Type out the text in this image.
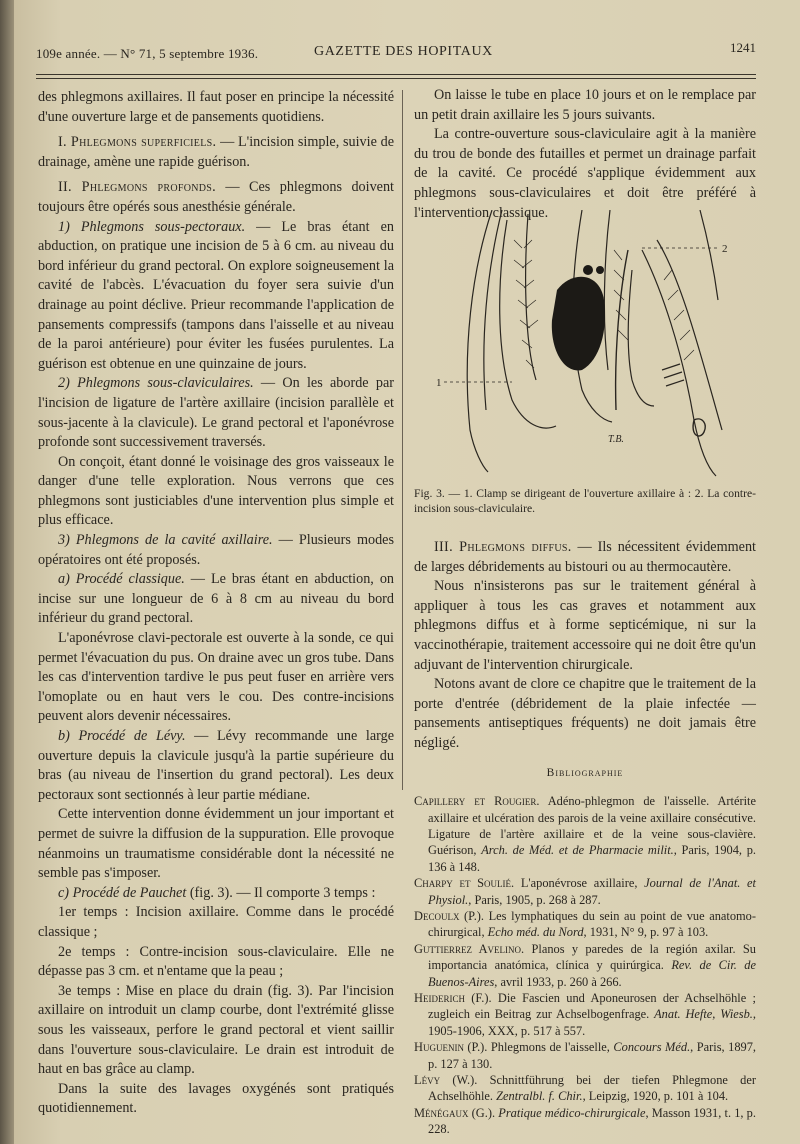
109e année. — N° 71, 5 septembre 1936.	GAZETTE DES HOPITAUX	1241

des phlegmons axillaires. Il faut poser en principe la nécessité d'une ouverture large et de pansements quotidiens.

I. Phlegmons superficiels. — L'incision simple, suivie de drainage, amène une rapide guérison.

II. Phlegmons profonds. — Ces phlegmons doivent toujours être opérés sous anesthésie générale.

1) Phlegmons sous-pectoraux. — Le bras étant en abduction, on pratique une incision de 5 à 6 cm. au niveau du bord inférieur du grand pectoral. On explore soigneusement la cavité de l'abcès. L'évacuation du foyer sera suivie d'un drainage au point déclive. Prieur recommande l'application de pansements compressifs (tampons dans l'aisselle et au niveau de la paroi antérieure) pour éviter les fusées purulentes. La guérison est obtenue en une quinzaine de jours.

2) Phlegmons sous-claviculaires. — On les aborde par l'incision de ligature de l'artère axillaire (incision parallèle et sous-jacente à la clavicule). Le grand pectoral et l'aponévrose profonde sont successivement traversés.

On conçoit, étant donné le voisinage des gros vaisseaux le danger d'une telle exploration. Nous verrons que ces phlegmons sont justiciables d'une intervention plus simple et plus efficace.

3) Phlegmons de la cavité axillaire. — Plusieurs modes opératoires ont été proposés.

a) Procédé classique. — Le bras étant en abduction, on incise sur une longueur de 6 à 8 cm au niveau du bord inférieur du grand pectoral.

L'aponévrose clavi-pectorale est ouverte à la sonde, ce qui permet l'évacuation du pus. On draine avec un gros tube. Dans les cas d'intervention tardive le pus peut fuser en arrière vers l'omoplate ou en haut vers le cou. Des contre-incisions peuvent alors devenir nécessaires.

b) Procédé de Lévy. — Lévy recommande une large ouverture depuis la clavicule jusqu'à la partie supérieure du bras (au niveau de l'insertion du grand pectoral). Les deux pectoraux sont sectionnés à leur partie médiane.

Cette intervention donne évidemment un jour important et permet de suivre la diffusion de la suppuration. Elle provoque néanmoins un traumatisme considérable dont la nécessité ne semble pas s'imposer.

c) Procédé de Pauchet (fig. 3). — Il comporte 3 temps :

1er temps : Incision axillaire. Comme dans le procédé classique ;

2e temps : Contre-incision sous-claviculaire. Elle ne dépasse pas 3 cm. et n'entame que la peau ;

3e temps : Mise en place du drain (fig. 3). Par l'incision axillaire on introduit un clamp courbe, dont l'extrémité glisse sous les vaisseaux, perfore le grand pectoral et vient saillir dans l'ouverture sous-claviculaire. Le drain est introduit de haut en bas grâce au clamp.

Dans la suite des lavages oxygénés sont pratiqués quotidiennement.

On laisse le tube en place 10 jours et on le remplace par un petit drain axillaire les 5 jours suivants.

La contre-ouverture sous-claviculaire agit à la manière du trou de bonde des futailles et permet un drainage parfait de la cavité. Ce procédé s'applique évidemment aux phlegmons sous-claviculaires et doit être préféré à l'intervention classique.

2
1
T.B.
Fig. 3. — 1. Clamp se dirigeant de l'ouverture axillaire à : 2. La contre-incision sous-claviculaire.

III. Phlegmons diffus. — Ils nécessitent évidemment de larges débridements au bistouri ou au thermocautère.

Nous n'insisterons pas sur le traitement général à appliquer à tous les cas graves et notamment aux phlegmons diffus et à forme septicémique, ni sur la vaccinothérapie, traitement accessoire qui ne doit être qu'un adjuvant de l'intervention chirurgicale.

Notons avant de clore ce chapitre que le traitement de la porte d'entrée (débridement de la plaie infectée — pansements antiseptiques fréquents) ne doit jamais être négligé.

Bibliographie

Capillery et Rougier. Adéno-phlegmon de l'aisselle. Artérite axillaire et ulcération des parois de la veine axillaire consécutive. Ligature de l'artère axillaire et de la veine sous-clavière. Guérison, Arch. de Méd. et de Pharmacie milit., Paris, 1904, p. 136 à 148.

Charpy et Soulié. L'aponévrose axillaire, Journal de l'Anat. et Physiol., Paris, 1905, p. 268 à 287.

Decoulx (P.). Les lymphatiques du sein au point de vue anatomo-chirurgical, Echo méd. du Nord, 1931, N° 9, p. 97 à 103.

Guttierrez Avelino. Planos y paredes de la región axilar. Su importancia anatómica, clínica y quirúrgica. Rev. de Cir. de Buenos-Aires, avril 1933, p. 260 à 266.

Heiderich (F.). Die Fascien und Aponeurosen der Achselhöhle ; zugleich ein Beitrag zur Achselbogenfrage. Anat. Hefte, Wiesb., 1905-1906, XXX, p. 517 à 557.

Huguenin (P.). Phlegmons de l'aisselle, Concours Méd., Paris, 1897, p. 127 à 130.

Lévy (W.). Schnittführung bei der tiefen Phlegmone der Achselhöhle. Zentralbl. f. Chir., Leipzig, 1920, p. 101 à 104.

Ménégaux (G.). Pratique médico-chirurgicale, Masson 1931, t. 1, p. 228.
